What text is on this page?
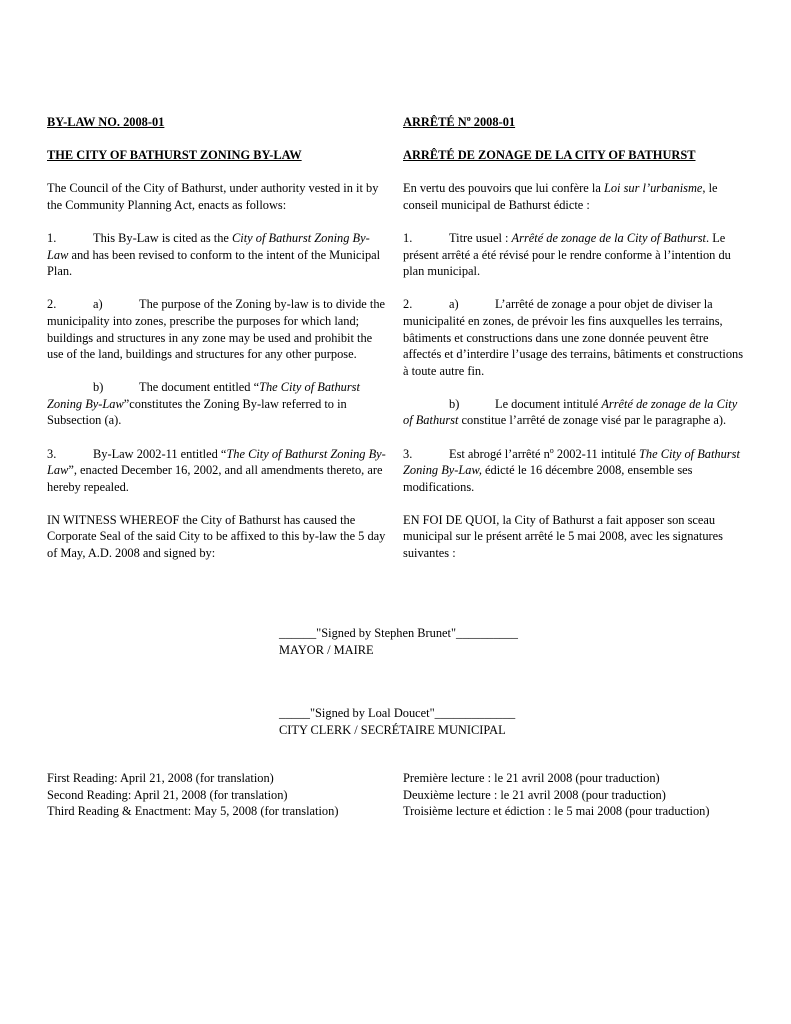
BY-LAW NO. 2008-01
THE CITY OF BATHURST ZONING BY-LAW
The Council of the City of Bathurst, under authority vested in it by the Community Planning Act, enacts as follows:
1.	This By-Law is cited as the City of Bathurst Zoning By-Law and has been revised to conform to the intent of the Municipal Plan.
2.	a)	The purpose of the Zoning by-law is to divide the municipality into zones, prescribe the purposes for which land; buildings and structures in any zone may be used and prohibit the use of the land, buildings and structures for any other purpose.
b)	The document entitled “The City of Bathurst Zoning By-Law”constitutes the Zoning By-law referred to in Subsection (a).
3.	By-Law 2002-11 entitled “The City of Bathurst Zoning By-Law”, enacted December 16, 2002, and all amendments thereto, are hereby repealed.
IN WITNESS WHEREOF the City of Bathurst has caused the Corporate Seal of the said City to be affixed to this by-law the 5 day of May, A.D. 2008 and signed by:
ARRÊTÉ $N^o$ 2008-01
ARRÊTÉ DE ZONAGE DE LA CITY OF BATHURST
En vertu des pouvoirs que lui confère la Loi sur l’urbanisme, le conseil municipal de Bathurst édicte :
1.	Titre usuel : Arrêté de zonage de la City of Bathurst. Le présent arrêté a été révisé pour le rendre conforme à l’intention du plan municipal.
2.	a)	L’arrêté de zonage a pour objet de diviser la municipalité en zones, de prévoir les fins auxquelles les terrains, bâtiments et constructions dans une zone donnée peuvent être affectés et d’interdire l’usage des terrains, bâtiments et constructions à toute autre fin.
b)	Le document intitulé Arrêté de zonage de la City of Bathurst constitue l’arrêté de zonage visé par le paragraphe a).
3.	Est abrogé l’arrêté $n^o$ 2002-11 intitulé The City of Bathurst Zoning By-Law, édicté le 16 décembre 2008, ensemble ses modifications.
EN FOI DE QUOI, la City of Bathurst a fait apposer son sceau municipal sur le présent arrêté le 5 mai 2008, avec les signatures suivantes :
______"Signed by Stephen Brunet"__________
MAYOR / MAIRE
_____"Signed by Loal Doucet"_____________
CITY CLERK / SECRÉTAIRE MUNICIPAL
First Reading: April 21, 2008 (for translation)
Second Reading: April 21, 2008 (for translation)
Third Reading & Enactment: May 5, 2008 (for translation)
Première lecture : le 21 avril 2008 (pour traduction)
Deuxième lecture : le 21 avril 2008 (pour traduction)
Troisième lecture et édiction : le 5 mai 2008 (pour traduction)
